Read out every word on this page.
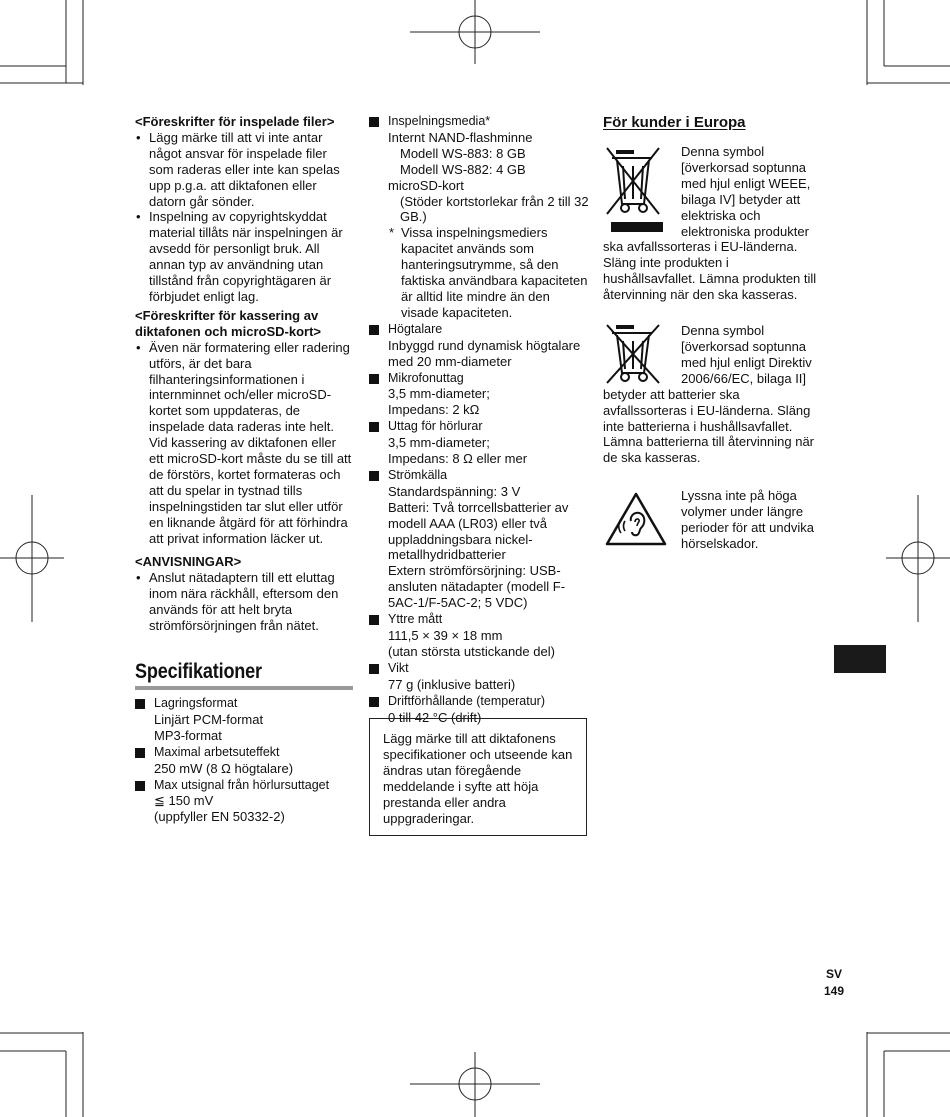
<Föreskrifter för inspelade filer>
• Lägg märke till att vi inte antar något ansvar för inspelade filer som raderas eller inte kan spelas upp p.g.a. att diktafonen eller datorn går sönder.
• Inspelning av copyrightskyddat material tillåts när inspelningen är avsedd för personligt bruk. All annan typ av användning utan tillstånd från copyrightägaren är förbjudet enligt lag.
<Föreskrifter för kassering av diktafonen och microSD-kort>
• Även när formatering eller radering utförs, är det bara filhanteringsinformationen i internminnet och/eller microSD-kortet som uppdateras, de inspelade data raderas inte helt. Vid kassering av diktafonen eller ett microSD-kort måste du se till att de förstörs, kortet formateras och att du spelar in tystnad tills inspelningstiden tar slut eller utför en liknande åtgärd för att förhindra att privat information läcker ut.
<ANVISNINGAR>
• Anslut nätadaptern till ett eluttag inom nära räckhåll, eftersom den används för att helt bryta strömförsörjningen från nätet.
Specifikationer
Lagringsformat
Linjärt PCM-format
MP3-format
Maximal arbetsuteffekt
250 mW (8 Ω högtalare)
Max utsignal från hörlursuttaget
≦ 150 mV
(uppfyller EN 50332-2)
Inspelningsmedia*
Internt NAND-flashminne
Modell WS-883: 8 GB
Modell WS-882: 4 GB
microSD-kort
(Stöder kortstorlekar från 2 till 32 GB.)
* Vissa inspelningsmediers kapacitet används som hanteringsutrymme, så den faktiska användbara kapaciteten är alltid lite mindre än den visade kapaciteten.
Högtalare
Inbyggd rund dynamisk högtalare med 20 mm-diameter
Mikrofonuttag
3,5 mm-diameter;
Impedans: 2 kΩ
Uttag för hörlurar
3,5 mm-diameter;
Impedans: 8 Ω eller mer
Strömkälla
Standardspänning: 3 V
Batteri: Två torrcellsbatterier av modell AAA (LR03) eller två uppladdningsbara nickel-metallhydridbatterier
Extern strömförsörjning: USB-ansluten nätadapter (modell F-5AC-1/F-5AC-2; 5 VDC)
Yttre mått
111,5 × 39 × 18 mm
(utan största utstickande del)
Vikt
77 g (inklusive batteri)
Driftförhållande (temperatur)
0 till 42 °C (drift)
Lägg märke till att diktafonens specifikationer och utseende kan ändras utan föregående meddelande i syfte att höja prestanda eller andra uppgraderingar.
För kunder i Europa
Denna symbol [överkorsad soptunna med hjul enligt WEEE, bilaga IV] betyder att elektriska och elektroniska produkter ska avfallssorteras i EU-länderna. Släng inte produkten i hushållsavfallet. Lämna produkten till återvinning när den ska kasseras.
Denna symbol [överkorsad soptunna med hjul enligt Direktiv 2006/66/EC, bilaga II] betyder att batterier ska avfallssorteras i EU-länderna. Släng inte batterierna i hushållsavfallet. Lämna batterierna till återvinning när de ska kasseras.
Lyssna inte på höga volymer under längre perioder för att undvika hörselskador.
SV
149
